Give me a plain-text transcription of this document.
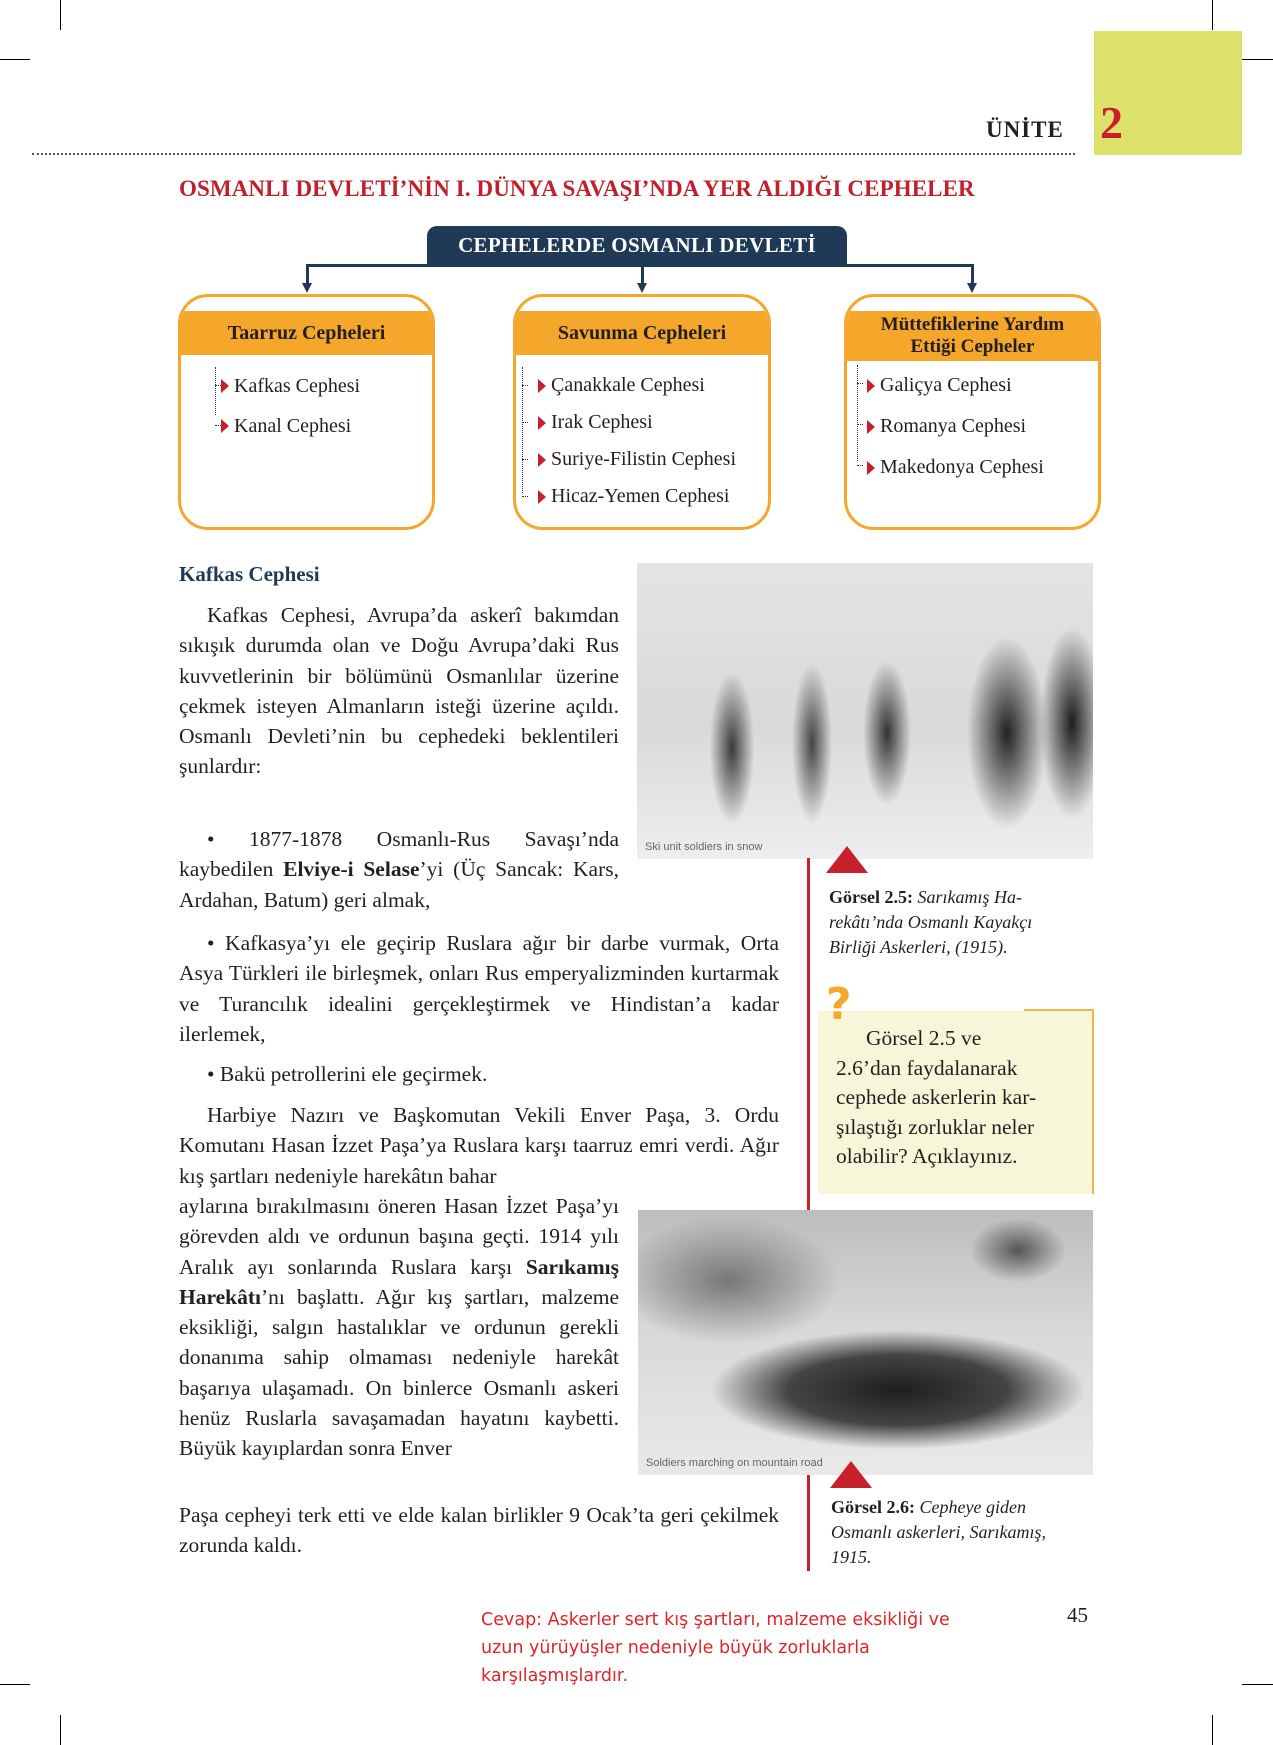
ÜNİTE 2
OSMANLI DEVLETİ’NİN I. DÜNYA SAVAŞI’NDA YER ALDIĞI CEPHELER
CEPHELERDE OSMANLI DEVLETİ
Taarruz Cepheleri
Kafkas Cephesi
Kanal Cephesi
Savunma Cepheleri
Çanakkale Cephesi
Irak Cephesi
Suriye-Filistin Cephesi
Hicaz-Yemen Cephesi
Müttefiklerine Yardım
Ettiği Cepheler
Galiçya Cephesi
Romanya Cephesi
Makedonya Cephesi
Kafkas Cephesi
Kafkas Cephesi, Avrupa’da askerî bakımdan sıkışık durumda olan ve Doğu Avrupa’daki Rus kuvvetlerinin bir bölümünü Osmanlılar üzerine çekmek isteyen Almanların isteği üzerine açıldı. Osmanlı Devleti’nin bu cephedeki beklentileri şunlardır:
• 1877-1878 Osmanlı-Rus Savaşı’nda kaybedilen Elviye-i Selase’yi (Üç Sancak: Kars, Ardahan, Batum) geri almak,
• Kafkasya’yı ele geçirip Ruslara ağır bir darbe vurmak, Orta Asya Türkleri ile birleşmek, onları Rus emperyalizminden kurtarmak ve Turancılık idealini gerçekleştirmek ve Hindistan’a kadar ilerlemek,
• Bakü petrollerini ele geçirmek.
Harbiye Nazırı ve Başkomutan Vekili Enver Paşa, 3. Ordu Komutanı Hasan İzzet Paşa’ya Ruslara karşı taarruz emri verdi. Ağır kış şartları nedeniyle harekâtın bahar
aylarına bırakılmasını öneren Hasan İzzet Paşa’yı görevden aldı ve ordunun başına geçti. 1914 yılı Aralık ayı sonlarında Ruslara karşı Sarıkamış Harekâtı’nı başlattı. Ağır kış şartları, malzeme eksikliği, salgın hastalıklar ve ordunun gerekli donanıma sahip olmaması nedeniyle harekât başarıya ulaşamadı. On binlerce Osmanlı askeri henüz Ruslarla savaşamadan hayatını kaybetti. Büyük kayıplardan sonra Enver
Paşa cepheyi terk etti ve elde kalan birlikler 9 Ocak’ta geri çekilmek zorunda kaldı.
Ski unit soldiers in snow
Görsel 2.5: Sarıkamış Ha-
rekâtı’nda Osmanlı Kayakçı
Birliği Askerleri, (1915).
?
Görsel 2.5 ve
2.6’dan faydalanarak
cephede askerlerin kar-
şılaştığı zorluklar neler
olabilir? Açıklayınız.
Soldiers marching on mountain road
Görsel 2.6: Cepheye giden
Osmanlı askerleri, Sarıkamış,
1915.
Cevap: Askerler sert kış şartları, malzeme eksikliği ve
uzun yürüyüşler nedeniyle büyük zorluklarla
karşılaşmışlardır.
45
